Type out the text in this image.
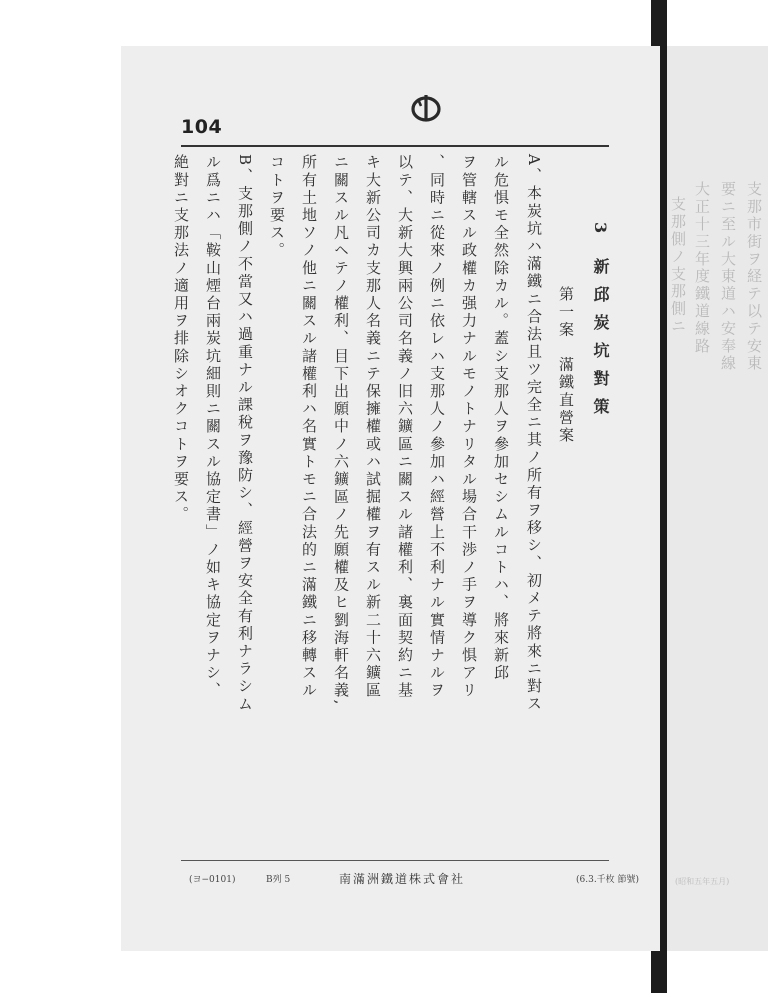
104
3
新邱炭坑對策
第一案　滿鐵直營案
A、本炭坑ハ滿鐵ニ合法且ツ完全ニ其ノ所有ヲ移シ、初メテ將來ニ對ス
ル危惧モ全然除カル。蓋シ支那人ヲ參加セシムルコトハ、將來新邱
ヲ管轄スル政權カ强力ナルモノトナリタル場合干渉ノ手ヲ導ク惧アリ
、同時ニ從來ノ例ニ依レハ支那人ノ參加ハ經營上不利ナル實情ナルヲ
以テ、大新大興兩公司名義ノ旧六鑛區ニ關スル諸權利、裏面契約ニ基
キ大新公司カ支那人名義ニテ保擁權或ハ試掘權ヲ有スル新二十六鑛區
ニ關スル凡ヘテノ權利、目下出願中ノ六鑛區ノ先願權及ヒ劉海軒名義,
所有土地ソノ他ニ關スル諸權利ハ名實トモニ合法的ニ滿鐵ニ移轉スル
コトヲ要ス。
B、支那側ノ不當又ハ過重ナル課稅ヲ豫防シ、經營ヲ安全有利ナラシム
ル爲ニハ「鞍山煙台兩炭坑細則ニ關スル協定書」ノ如キ協定ヲナシ、
絶對ニ支那法ノ適用ヲ排除シオクコトヲ要ス。
(ヨ−0101)	B列 5	南滿洲鐵道株式會社	(6.3.千枚 節號)
支那市街ヲ経テ以テ安東
要ニ至ル大東道ハ安奉線
大正十三年度鐵道線路
支那側ノ支那側ニ
(昭和五年五月)
